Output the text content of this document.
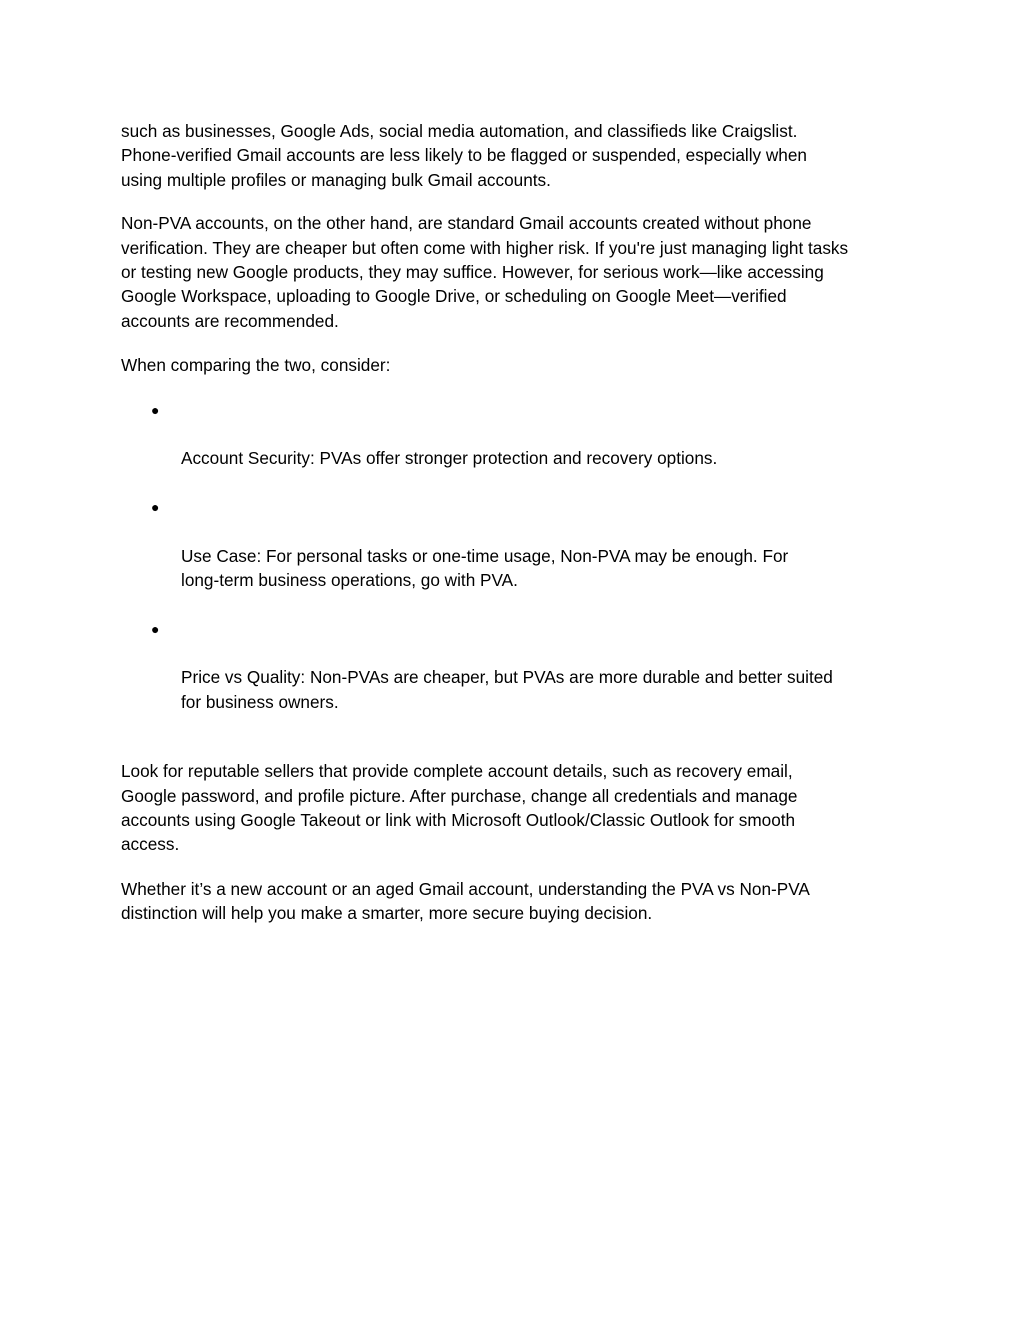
such as businesses, Google Ads, social media automation, and classifieds like Craigslist.
Phone-verified Gmail accounts are less likely to be flagged or suspended, especially when
using multiple profiles or managing bulk Gmail accounts.

Non-PVA accounts, on the other hand, are standard Gmail accounts created without phone
verification. They are cheaper but often come with higher risk. If you're just managing light tasks
or testing new Google products, they may suffice. However, for serious work—like accessing
Google Workspace, uploading to Google Drive, or scheduling on Google Meet—verified
accounts are recommended.

When comparing the two, consider:

●

Account Security: PVAs offer stronger protection and recovery options.

●

Use Case: For personal tasks or one-time usage, Non-PVA may be enough. For
long-term business operations, go with PVA.

●

Price vs Quality: Non-PVAs are cheaper, but PVAs are more durable and better suited
for business owners.

Look for reputable sellers that provide complete account details, such as recovery email,
Google password, and profile picture. After purchase, change all credentials and manage
accounts using Google Takeout or link with Microsoft Outlook/Classic Outlook for smooth
access.

Whether it’s a new account or an aged Gmail account, understanding the PVA vs Non-PVA
distinction will help you make a smarter, more secure buying decision.
